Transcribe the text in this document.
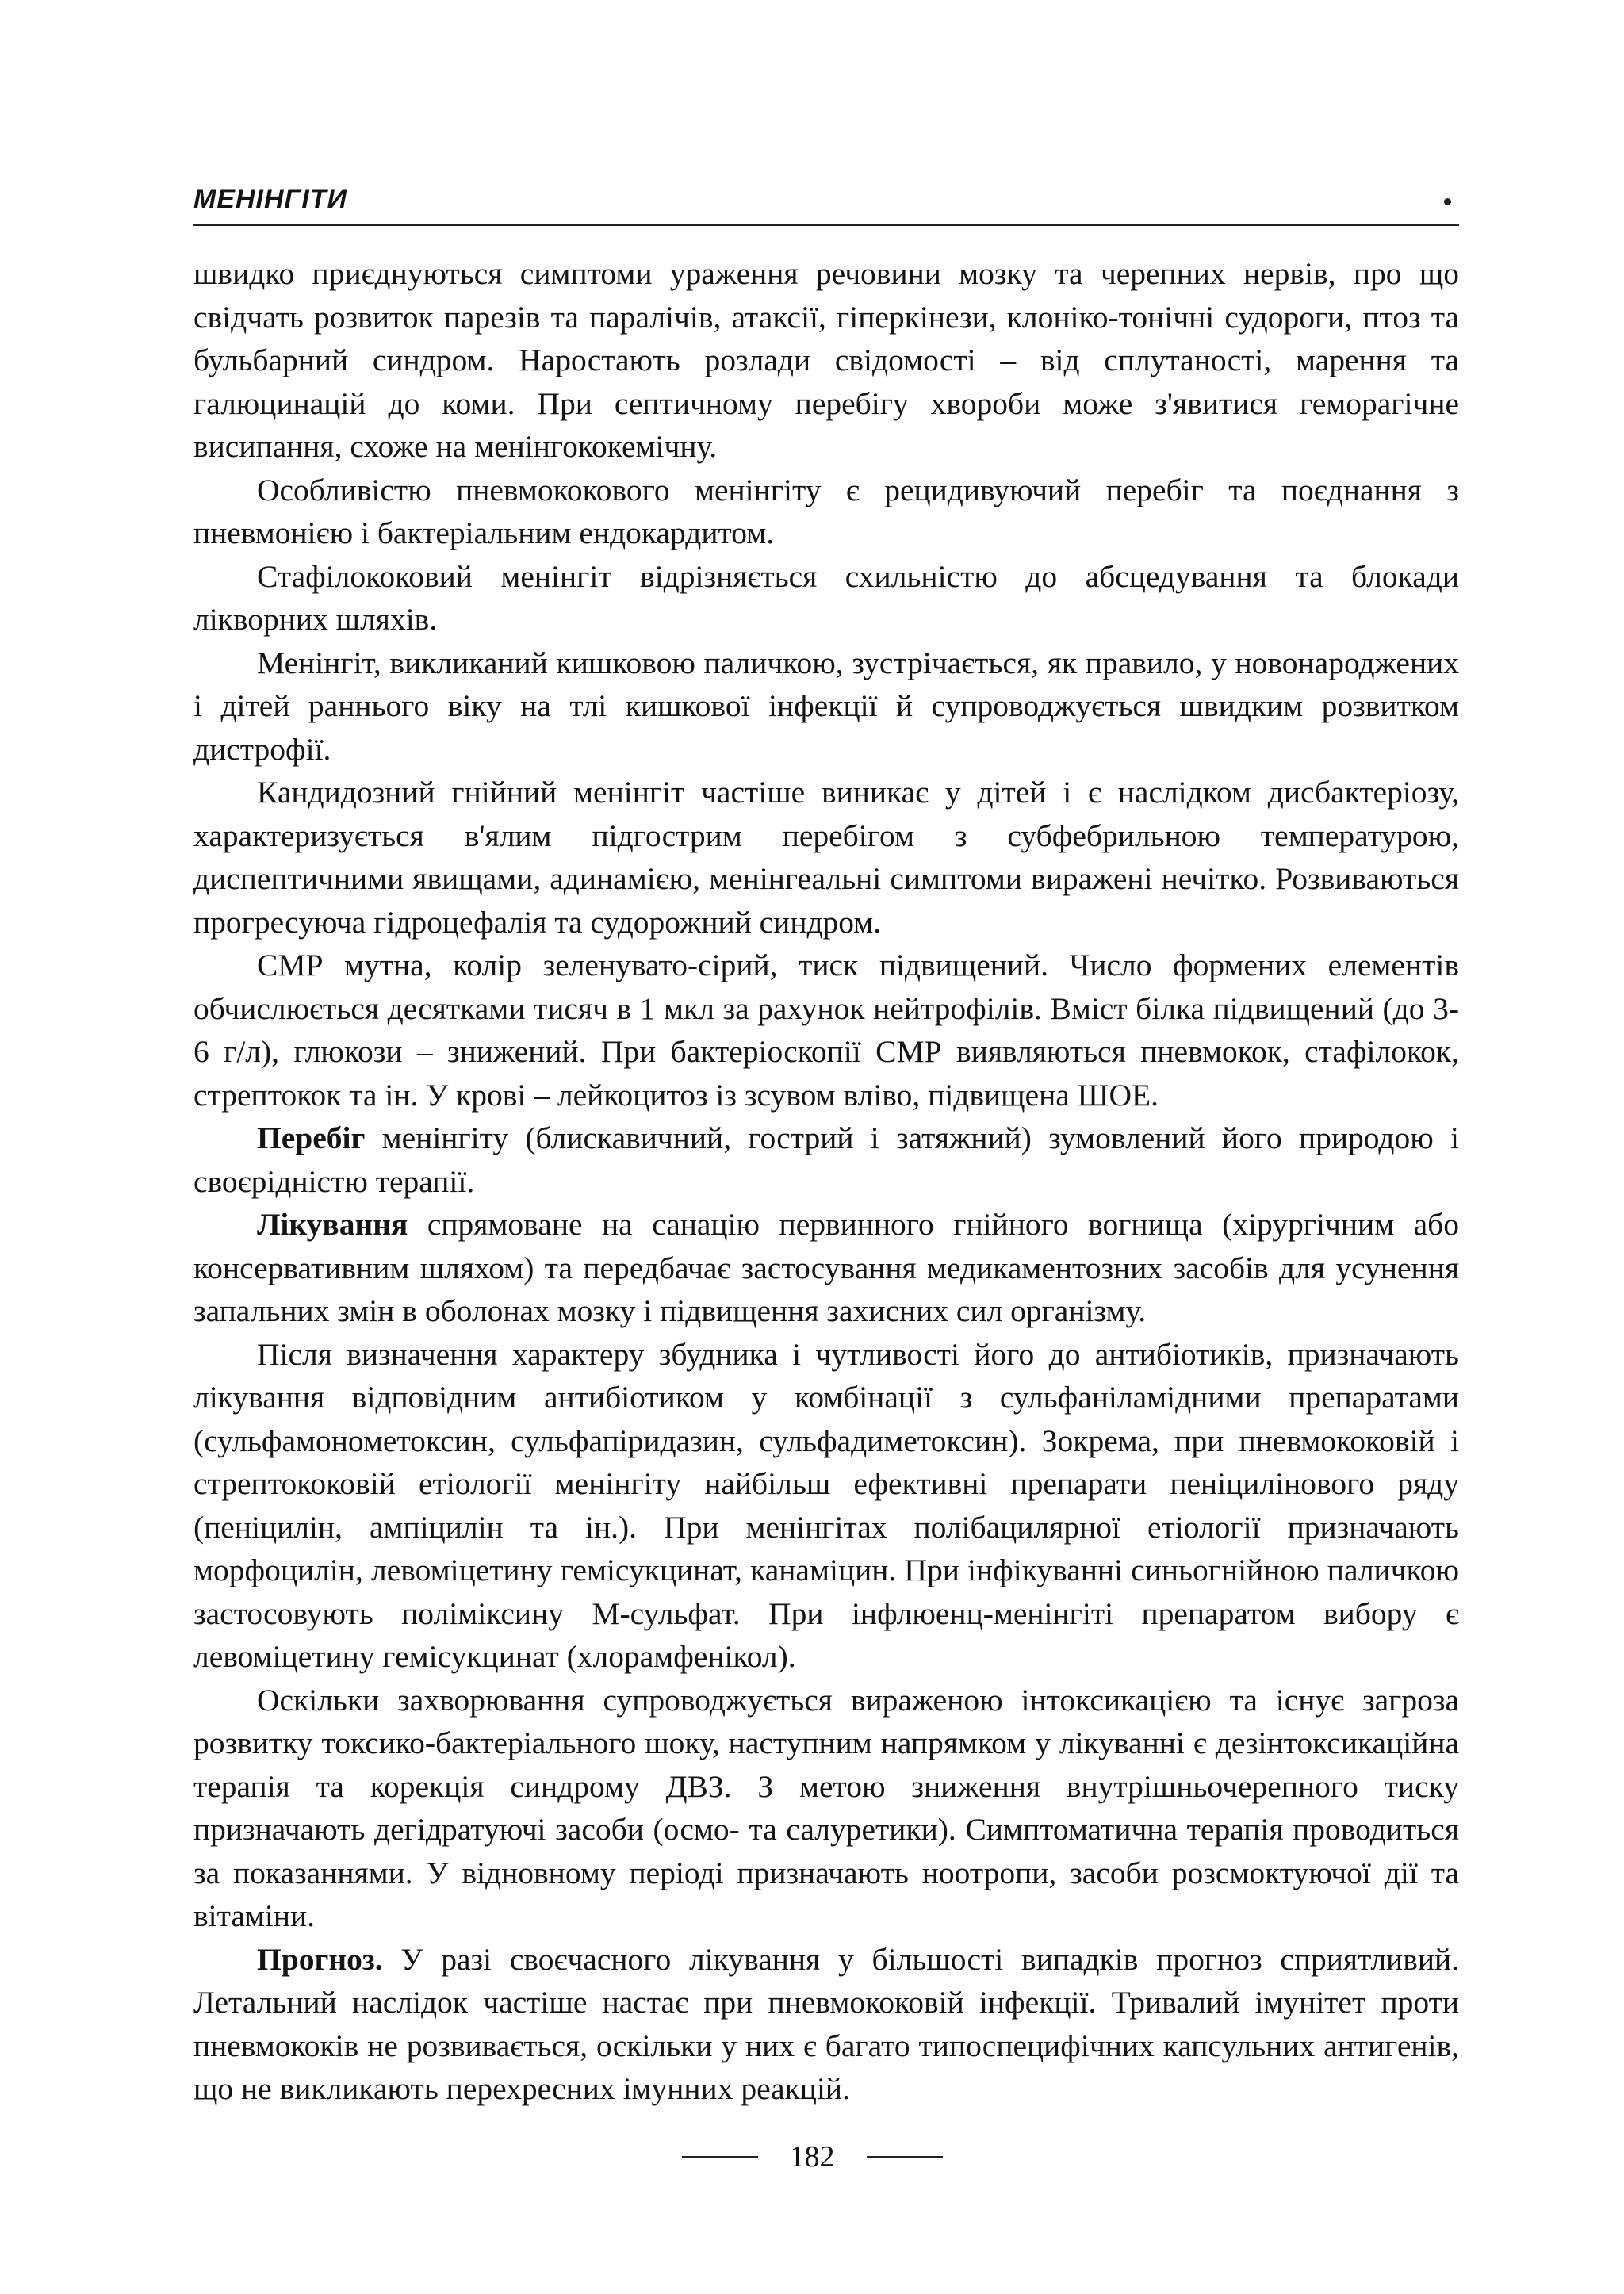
МЕНІНГІТИ

швидко приєднуються симптоми ураження речовини мозку та черепних нервів, про що свідчать розвиток парезів та паралічів, атаксії, гіперкінези, клоніко-тонічні судороги, птоз та бульбарний синдром. Наростають розлади свідомості – від сплутаності, марення та галюцинацій до коми. При септичному перебігу хвороби може з'явитися геморагічне висипання, схоже на менінгококемічну.

Особливістю пневмококового менінгіту є рецидивуючий перебіг та поєднання з пневмонією і бактеріальним ендокардитом.

Стафілококовий менінгіт відрізняється схильністю до абсцедування та блокади лікворних шляхів.

Менінгіт, викликаний кишковою паличкою, зустрічається, як правило, у новонароджених і дітей раннього віку на тлі кишкової інфекції й супроводжується швидким розвитком дистрофії.

Кандидозний гнійний менінгіт частіше виникає у дітей і є наслідком дисбактеріозу, характеризується в'ялим підгострим перебігом з субфебрильною температурою, диспептичними явищами, адинамією, менінгеальні симптоми виражені нечітко. Розвиваються прогресуюча гідроцефалія та судорожний синдром.

СМР мутна, колір зеленувато-сірий, тиск підвищений. Число формених елементів обчислюється десятками тисяч в 1 мкл за рахунок нейтрофілів. Вміст білка підвищений (до 3-6 г/л), глюкози – знижений. При бактеріоскопії СМР виявляються пневмокок, стафілокок, стрептокок та ін. У крові – лейкоцитоз із зсувом вліво, підвищена ШОЕ.

Перебіг менінгіту (блискавичний, гострий і затяжний) зумовлений його природою і своєрідністю терапії.

Лікування спрямоване на санацію первинного гнійного вогнища (хірургічним або консервативним шляхом) та передбачає застосування медикаментозних засобів для усунення запальних змін в оболонах мозку і підвищення захисних сил організму.

Після визначення характеру збудника і чутливості його до антибіотиків, призначають лікування відповідним антибіотиком у комбінації з сульфаніламідними препаратами (сульфамонометоксин, сульфапіридазин, сульфадиметоксин). Зокрема, при пневмококовій і стрептококовій етіології менінгіту найбільш ефективні препарати пеніцилінового ряду (пеніцилін, ампіцилін та ін.). При менінгітах полібацилярної етіології призначають морфоцилін, левоміцетину гемісукцинат, канаміцин. При інфікуванні синьогнійною паличкою застосовують поліміксину М-сульфат. При інфлюенц-менінгіті препаратом вибору є левоміцетину гемісукцинат (хлорамфенікол).

Оскільки захворювання супроводжується вираженою інтоксикацією та існує загроза розвитку токсико-бактеріального шоку, наступним напрямком у лікуванні є дезінтоксикаційна терапія та корекція синдрому ДВЗ. З метою зниження внутрішньочерепного тиску призначають дегідратуючі засоби (осмо- та салуретики). Симптоматична терапія проводиться за показаннями. У відновному періоді призначають ноотропи, засоби розсмоктуючої дії та вітаміни.

Прогноз. У разі своєчасного лікування у більшості випадків прогноз сприятливий. Летальний наслідок частіше настає при пневмококовій інфекції. Тривалий імунітет проти пневмококів не розвивається, оскільки у них є багато типоспецифічних капсульних антигенів, що не викликають перехресних імунних реакцій.

182
